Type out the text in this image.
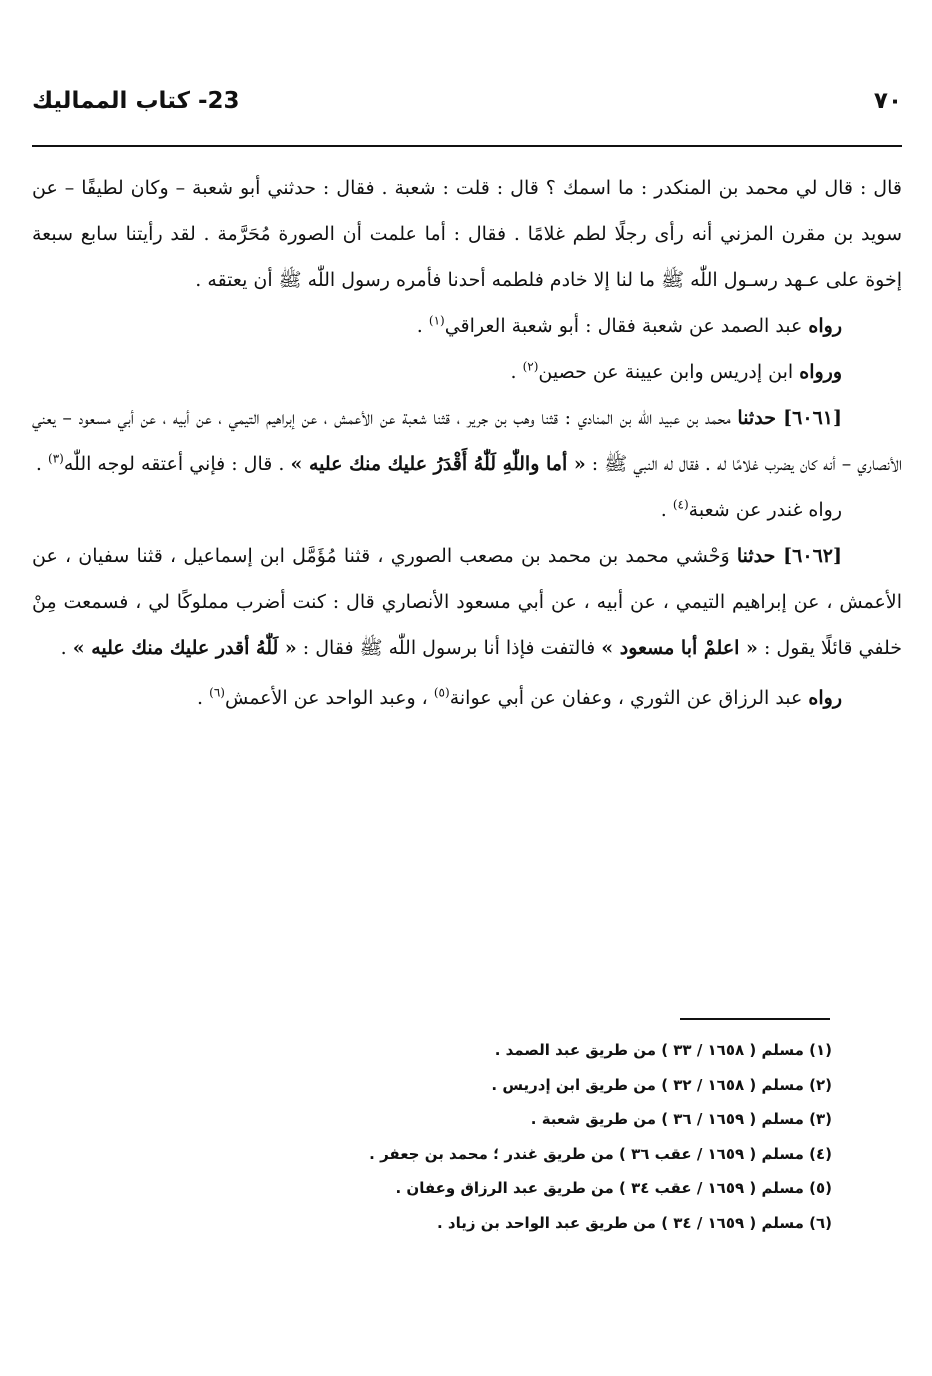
٧٠
23- كتاب المماليك

قال : قال لي محمد بن المنكدر : ما اسمك ؟ قال : قلت : شعبة . فقال : حدثني أبو شعبة – وكان لطيفًا – عن سويد بن مقرن المزني أنه رأى رجلًا لطم غلامًا . فقال : أما علمت أن الصورة مُحَرَّمة . لقد رأيتنا سابع سبعة إخوة على عـهد رسـول اللّٰه ﷺ ما لنا إلا خادم فلطمه أحدنا فأمره رسول اللّٰه ﷺ أن يعتقه .

رواه عبد الصمد عن شعبة فقال : أبو شعبة العراقي$^{(١)}$ .

ورواه ابن إدريس وابن عيينة عن حصين$^{(٢)}$ .

[٦٠٦١] حدثنا محمد بن عبيد اللّٰه بن المنادي : قثنا وهب بن جرير ، قثنا شعبة عن الأعمش ، عن إبراهيم التيمي ، عن أبيه ، عن أبي مسعود – يعني الأنصاري – أنه كان يضرب غلامًا له . فقال له النبي ﷺ : « أما واللّٰهِ لَلّٰهُ أَقْدَرُ عليك منك عليه » . قال : فإني أعتقه لوجه اللّٰه$^{(٣)}$ .

رواه غندر عن شعبة$^{(٤)}$ .

[٦٠٦٢] حدثنا وَحْشي محمد بن محمد بن مصعب الصوري ، قثنا مُؤَمَّل ابن إسماعيل ، قثنا سفيان ، عن الأعمش ، عن إبراهيم التيمي ، عن أبيه ، عن أبي مسعود الأنصاري قال : كنت أضرب مملوكًا لي ، فسمعت مِنْ خلفي قائلًا يقول : « اعلمْ أبا مسعود » فالتفت فإذا أنا برسول اللّٰه ﷺ فقال : « لَلّٰهُ أقدر عليك منك عليه » .

رواه عبد الرزاق عن الثوري ، وعفان عن أبي عوانة$^{(٥)}$ ، وعبد الواحد عن الأعمش$^{(٦)}$ .

(١) مسلم ( ١٦٥٨ / ٣٣ ) من طريق عبد الصمد .
(٢) مسلم ( ١٦٥٨ / ٣٢ ) من طريق ابن إدريس .
(٣) مسلم ( ١٦٥٩ / ٣٦ ) من طريق شعبة .
(٤) مسلم ( ١٦٥٩ / عقب ٣٦ ) من طريق غندر ؛ محمد بن جعفر .
(٥) مسلم ( ١٦٥٩ / عقب ٣٤ ) من طريق عبد الرزاق وعفان .
(٦) مسلم ( ١٦٥٩ / ٣٤ ) من طريق عبد الواحد بن زياد .
